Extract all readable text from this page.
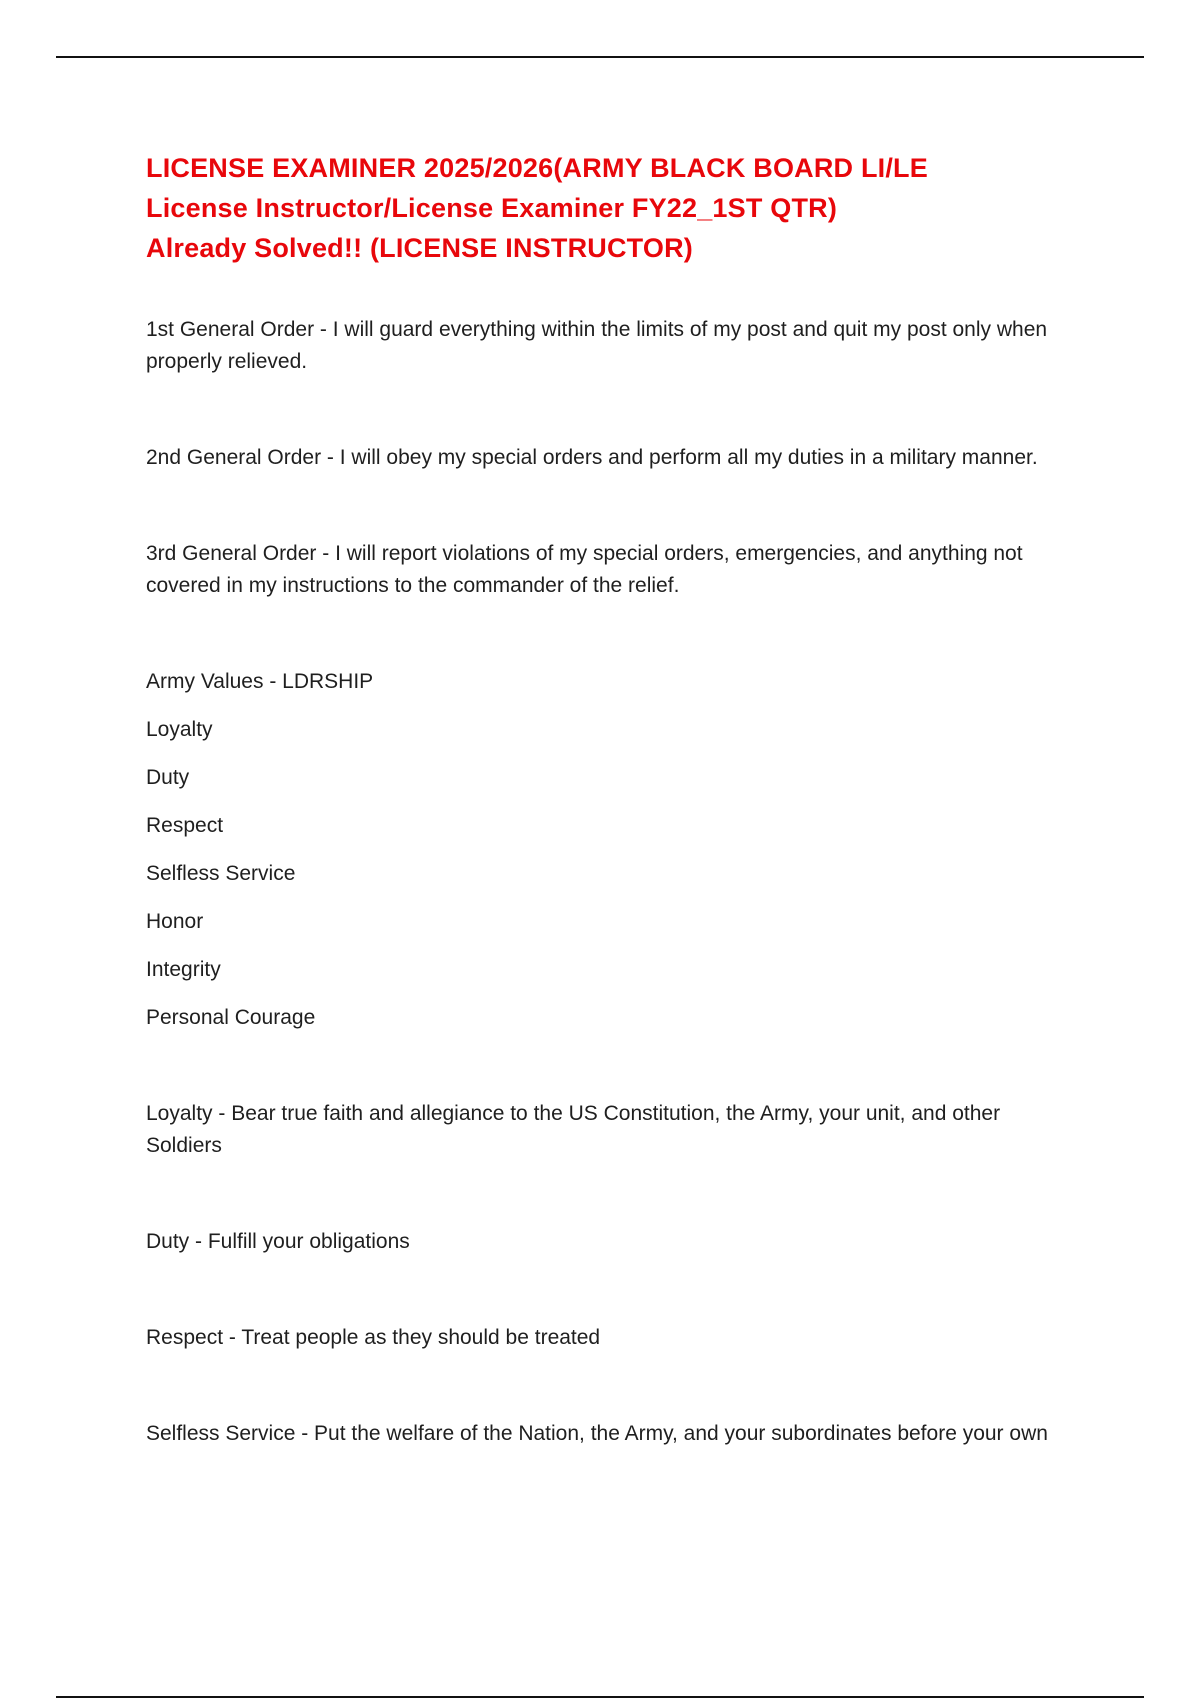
LICENSE EXAMINER 2025/2026(ARMY BLACK BOARD LI/LE
License Instructor/License Examiner FY22_1ST QTR)
Already Solved!! (LICENSE INSTRUCTOR)

1st General Order - I will guard everything within the limits of my post and quit my post only when properly relieved.

2nd General Order - I will obey my special orders and perform all my duties in a military manner.

3rd General Order - I will report violations of my special orders, emergencies, and anything not covered in my instructions to the commander of the relief.

Army Values - LDRSHIP

Loyalty

Duty

Respect

Selfless Service

Honor

Integrity

Personal Courage

Loyalty - Bear true faith and allegiance to the US Constitution, the Army, your unit, and other Soldiers

Duty - Fulfill your obligations

Respect - Treat people as they should be treated

Selfless Service - Put the welfare of the Nation, the Army, and your subordinates before your own
